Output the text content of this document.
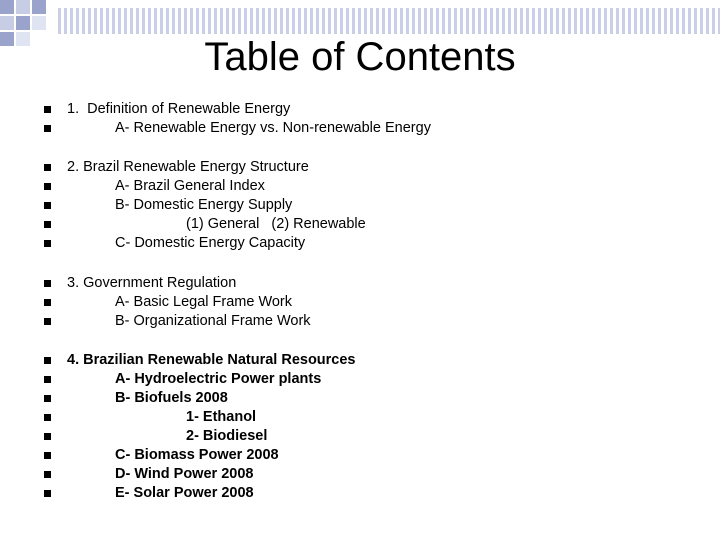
Table of Contents
1.  Definition of Renewable Energy
A- Renewable Energy vs. Non-renewable Energy
2. Brazil Renewable Energy Structure
A- Brazil General Index
B- Domestic Energy Supply
(1) General   (2) Renewable
C- Domestic Energy Capacity
3. Government Regulation
A- Basic Legal Frame Work
B- Organizational Frame Work
4. Brazilian Renewable Natural Resources
A- Hydroelectric Power plants
B- Biofuels 2008
1- Ethanol
2- Biodiesel
C- Biomass Power 2008
D- Wind Power 2008
E- Solar Power 2008
